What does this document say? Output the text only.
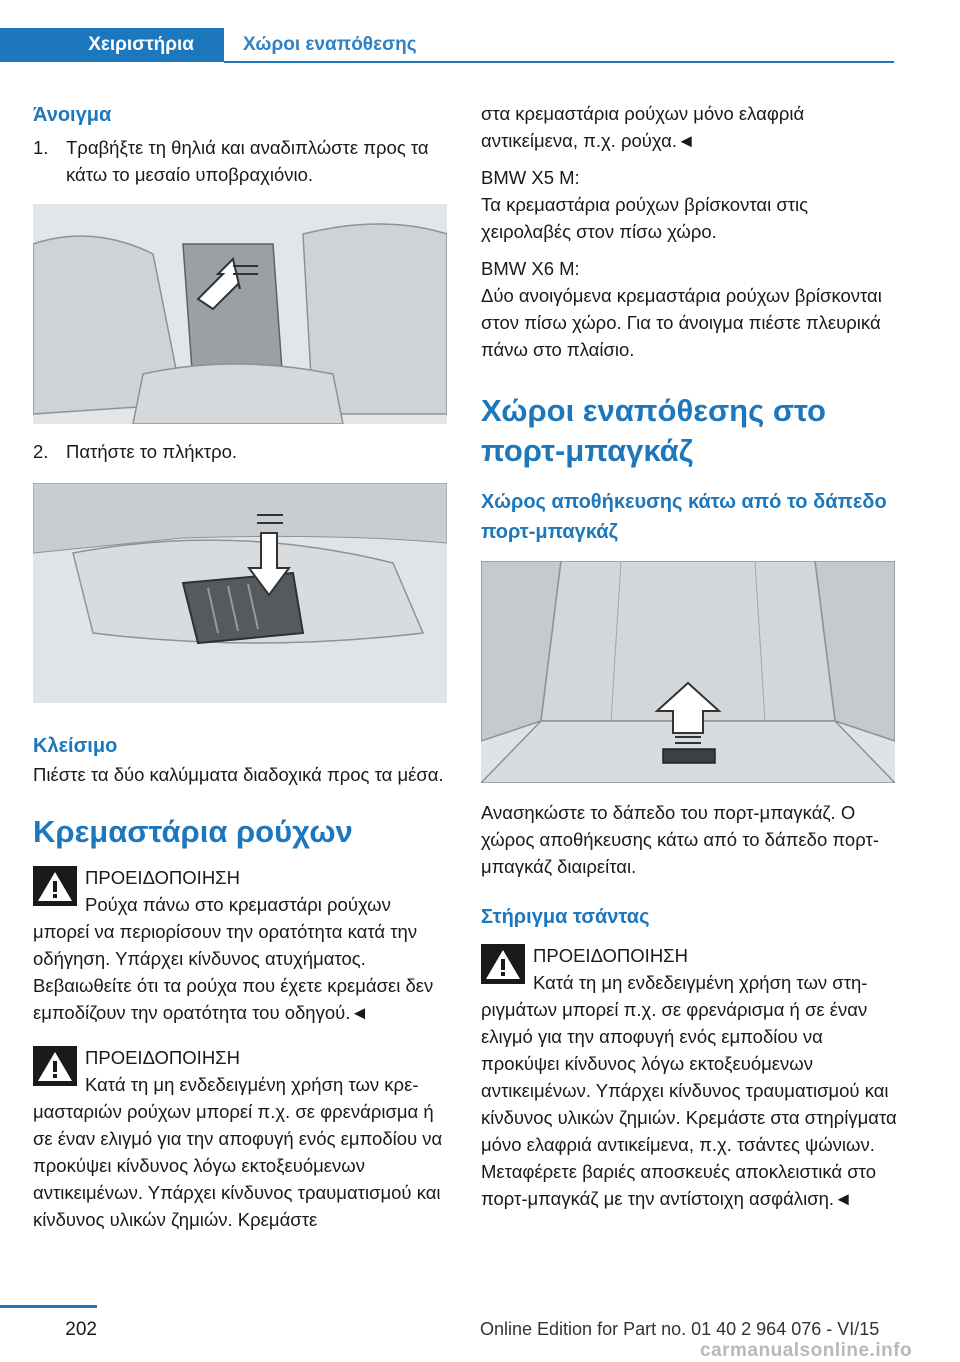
Χειριστήρια	Χώροι εναπόθεσης
Άνοιγμα
1. Τραβήξτε τη θηλιά και αναδιπλώστε προς τα κάτω το μεσαίο υποβραχιόνιο.
2. Πατήστε το πλήκτρο.
Κλείσιμο
Πιέστε τα δύο καλύμματα διαδοχικά προς τα μέσα.
Κρεμαστάρια ρούχων
ΠΡΟΕΙΔΟΠΟΙΗΣΗ
Ρούχα πάνω στο κρεμαστάρι ρούχων
μπορεί να περιορίσουν την ορατότητα κατά την οδήγηση. Υπάρχει κίνδυνος ατυχήματος. Βεβαιωθείτε ότι τα ρούχα που έχετε κρεμάσει δεν εμποδίζουν την ορατότητα του οδηγού.◄
ΠΡΟΕΙΔΟΠΟΙΗΣΗ
Κατά τη μη ενδεδειγμένη χρήση των κρε-
μασταριών ρούχων μπορεί π.χ. σε φρενάρισμα ή σε έναν ελιγμό για την αποφυγή ενός εμποδίου να προκύψει κίνδυνος λόγω εκτοξευόμενων αντικειμένων. Υπάρχει κίνδυνος τραυματισμού και κίνδυνος υλικών ζημιών. Κρεμάστε
στα κρεμαστάρια ρούχων μόνο ελαφριά αντικείμενα, π.χ. ρούχα.◄
BMW X5 M:
Τα κρεμαστάρια ρούχων βρίσκονται στις χειρολαβές στον πίσω χώρο.
BMW X6 M:
Δύο ανοιγόμενα κρεμαστάρια ρούχων βρίσκονται στον πίσω χώρο. Για το άνοιγμα πιέστε πλευρικά πάνω στο πλαίσιο.
Χώροι εναπόθεσης στο πορτ-μπαγκάζ
Χώρος αποθήκευσης κάτω από το δάπεδο πορτ-μπαγκάζ
Ανασηκώστε το δάπεδο του πορτ-μπαγκάζ. Ο χώρος αποθήκευσης κάτω από το δάπεδο πορτ-μπαγκάζ διαιρείται.
Στήριγμα τσάντας
ΠΡΟΕΙΔΟΠΟΙΗΣΗ
Κατά τη μη ενδεδειγμένη χρήση των στη-
ριγμάτων μπορεί π.χ. σε φρενάρισμα ή σε έναν ελιγμό για την αποφυγή ενός εμποδίου να προκύψει κίνδυνος λόγω εκτοξευόμενων αντικειμένων. Υπάρχει κίνδυνος τραυματισμού και κίνδυνος υλικών ζημιών. Κρεμάστε στα στηρίγματα μόνο ελαφριά αντικείμενα, π.χ. τσάντες ψώνιων. Μεταφέρετε βαριές αποσκευές αποκλειστικά στο πορτ-μπαγκάζ με την αντίστοιχη ασφάλιση.◄
202	Online Edition for Part no. 01 40 2 964 076 - VI/15
carmanualsonline.info
